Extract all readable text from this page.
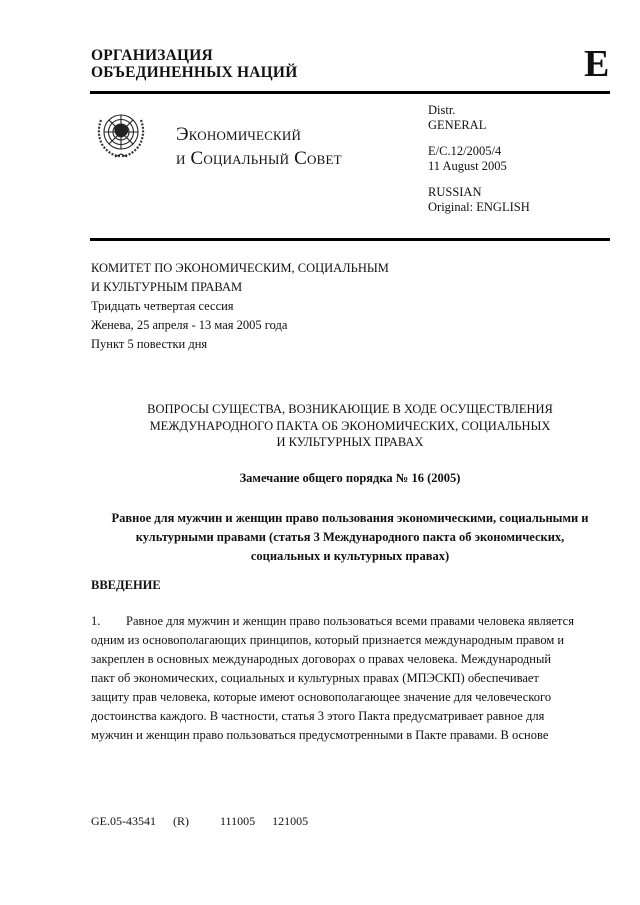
ОРГАНИЗАЦИЯ
ОБЪЕДИНЕННЫХ НАЦИЙ	E
Экономический
и Социальный Совет
Distr.
GENERAL
E/C.12/2005/4
11 August 2005
RUSSIAN
Original: ENGLISH
КОМИТЕТ ПО ЭКОНОМИЧЕСКИМ, СОЦИАЛЬНЫМ
И КУЛЬТУРНЫМ ПРАВАМ
Тридцать четвертая сессия
Женева, 25 апреля - 13 мая 2005 года
Пункт 5 повестки дня
ВОПРОСЫ СУЩЕСТВА, ВОЗНИКАЮЩИЕ В ХОДЕ ОСУЩЕСТВЛЕНИЯ
МЕЖДУНАРОДНОГО ПАКТА ОБ ЭКОНОМИЧЕСКИХ, СОЦИАЛЬНЫХ
И КУЛЬТУРНЫХ ПРАВАХ
Замечание общего порядка № 16 (2005)
Равное для мужчин и женщин право пользования экономическими, социальными и
культурными правами (статья 3 Международного пакта об экономических,
социальных и культурных правах)
ВВЕДЕНИЕ
1. Равное для мужчин и женщин право пользоваться всеми правами человека является
одним из основополагающих принципов, который признается международным правом и
закреплен в основных международных договорах о правах человека. Международный
пакт об экономических, социальных и культурных правах (МПЭСКП) обеспечивает
защиту прав человека, которые имеют основополагающее значение для человеческого
достоинства каждого. В частности, статья 3 этого Пакта предусматривает равное для
мужчин и женщин право пользоваться предусмотренными в Пакте правами. В основе
GE.05-43541 (R)	111005 121005
